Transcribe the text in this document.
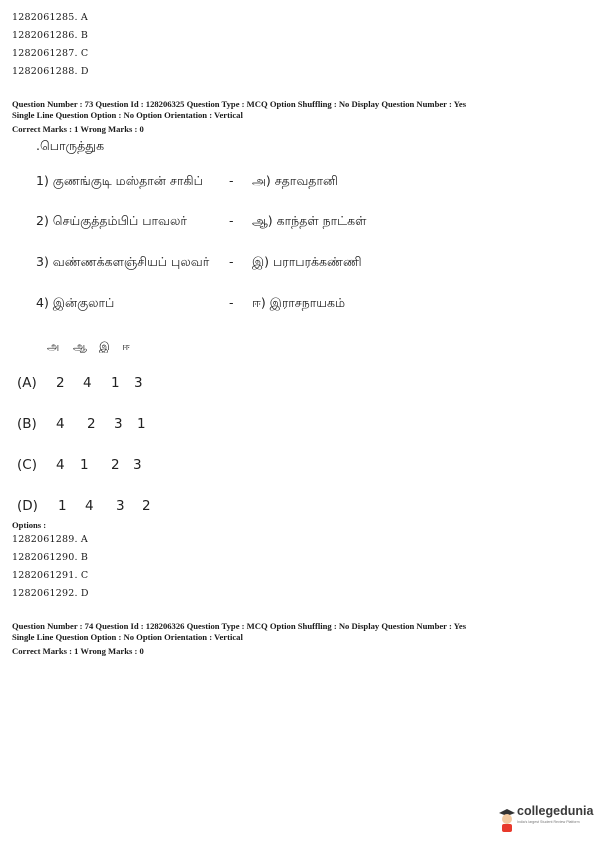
1282061285. A
1282061286. B
1282061287. C
1282061288. D
Question Number : 73 Question Id : 128206325 Question Type : MCQ Option Shuffling : No Display Question Number : Yes
Single Line Question Option : No Option Orientation : Vertical
Correct Marks : 1 Wrong Marks : 0
.பொருத்துக
1) குணங்குடி மஸ்தான் சாகிப் - அ) சதாவதானி
2) செய்குத்தம்பிப் பாவலர்	- ஆ) காந்தள் நாட்கள்
3) வண்ணக்களஞ்சியப் புலவர் - இ) பராபரக்கண்ணி
4) இன்குலாப்	- ஈ) இராசநாயகம்
அ ஆ இ ஈ
(A) 2 4 1 3
(B) 4 2 3 1
(C) 4 1 2 3
(D) 1 4 3 2
Options :
1282061289. A
1282061290. B
1282061291. C
1282061292. D
Question Number : 74 Question Id : 128206326 Question Type : MCQ Option Shuffling : No Display Question Number : Yes
Single Line Question Option : No Option Orientation : Vertical
Correct Marks : 1 Wrong Marks : 0
collegedunia
India's largest Student Review Platform
